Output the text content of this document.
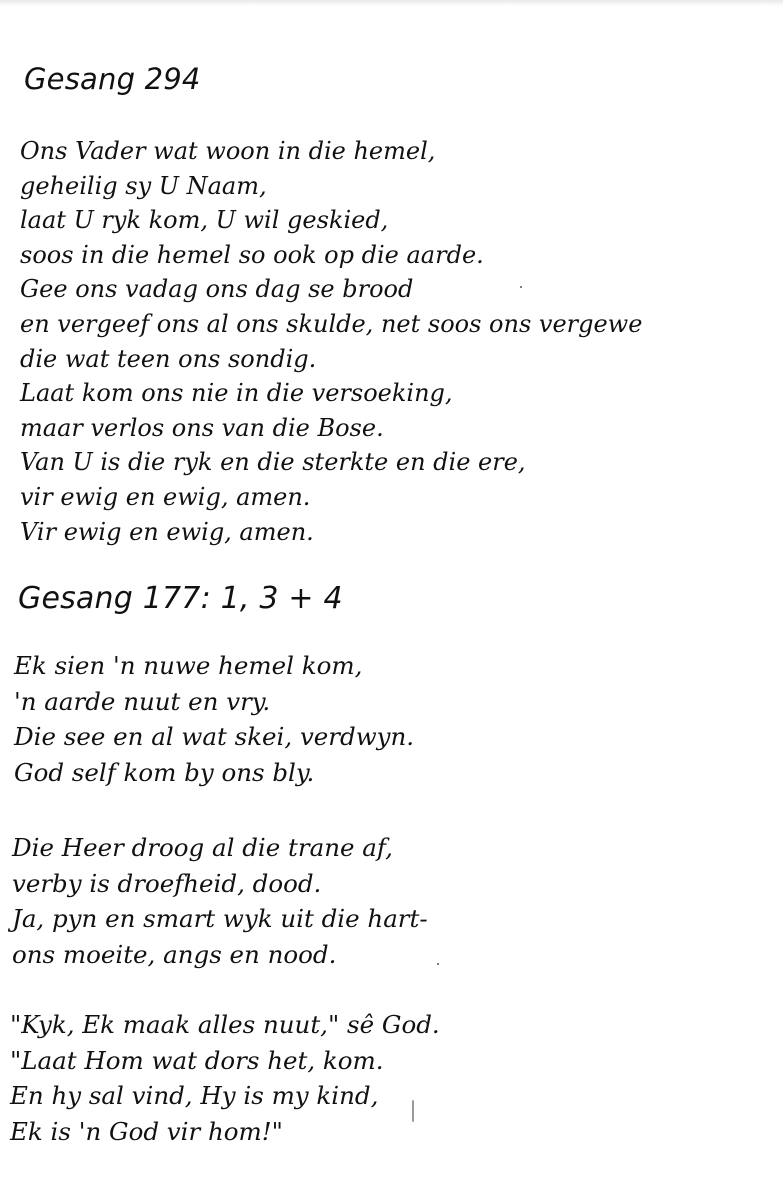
Gesang 294
Ons Vader wat woon in die hemel,
geheilig sy U Naam,
laat U ryk kom, U wil geskied,
soos in die hemel so ook op die aarde.
Gee ons vadag ons dag se brood
en vergeef ons al ons skulde, net soos ons vergewe
die wat teen ons sondig.
Laat kom ons nie in die versoeking,
maar verlos ons van die Bose.
Van U is die ryk en die sterkte en die ere,
vir ewig en ewig, amen.
Vir ewig en ewig, amen.
Gesang 177: 1, 3 + 4
Ek sien 'n nuwe hemel kom,
'n aarde nuut en vry.
Die see en al wat skei, verdwyn.
God self kom by ons bly.
Die Heer droog al die trane af,
verby is droefheid, dood.
Ja, pyn en smart wyk uit die hart-
ons moeite, angs en nood.
"Kyk, Ek maak alles nuut," sê God.
"Laat Hom wat dors het, kom.
En hy sal vind, Hy is my kind,
Ek is 'n God vir hom!"
